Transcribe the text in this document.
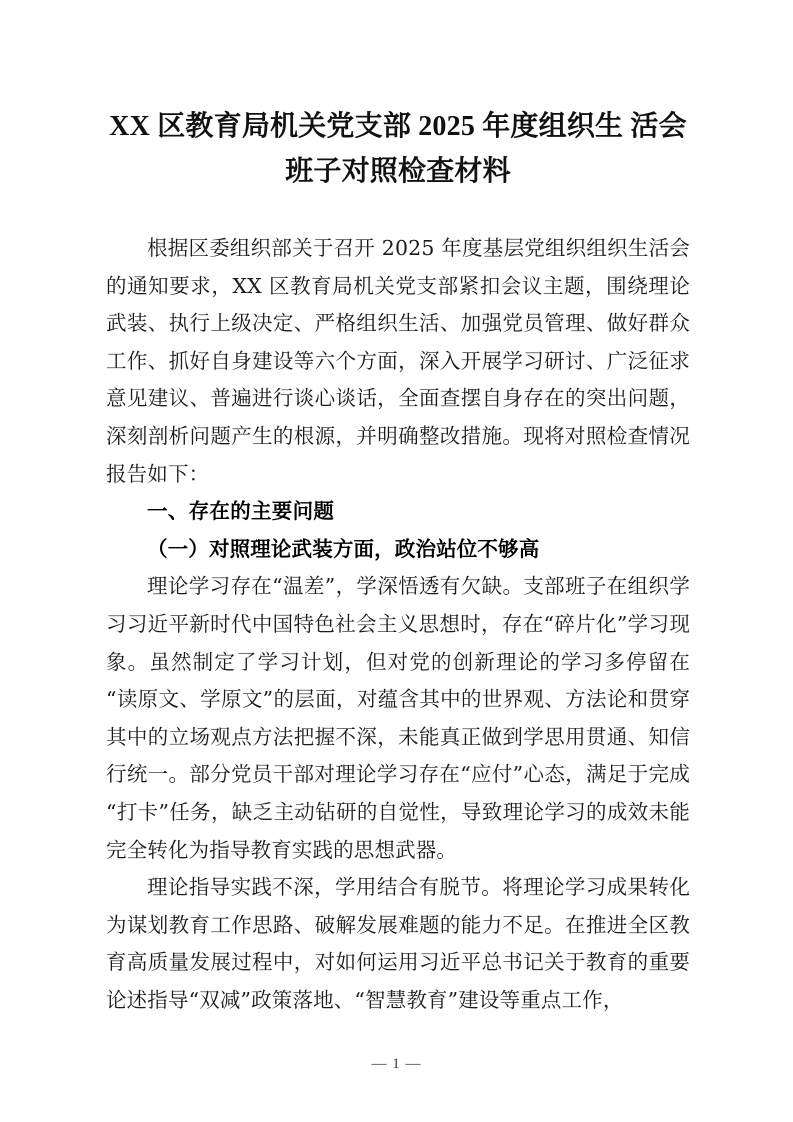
XX 区教育局机关党支部 2025 年度组织生 活会班子对照检查材料

根据区委组织部关于召开 2025 年度基层党组织组织生活会的通知要求，XX 区教育局机关党支部紧扣会议主题，围绕理论武装、执行上级决定、严格组织生活、加强党员管理、做好群众工作、抓好自身建设等六个方面，深入开展学习研讨、广泛征求意见建议、普遍进行谈心谈话，全面查摆自身存在的突出问题，深刻剖析问题产生的根源，并明确整改措施。现将对照检查情况报告如下：

一、存在的主要问题
（一）对照理论武装方面，政治站位不够高

理论学习存在“温差”，学深悟透有欠缺。支部班子在组织学习习近平新时代中国特色社会主义思想时，存在“碎片化”学习现象。虽然制定了学习计划，但对党的创新理论的学习多停留在“读原文、学原文”的层面，对蕴含其中的世界观、方法论和贯穿其中的立场观点方法把握不深，未能真正做到学思用贯通、知信行统一。部分党员干部对理论学习存在“应付”心态，满足于完成“打卡”任务，缺乏主动钻研的自觉性，导致理论学习的成效未能完全转化为指导教育实践的思想武器。

理论指导实践不深，学用结合有脱节。将理论学习成果转化为谋划教育工作思路、破解发展难题的能力不足。在推进全区教育高质量发展过程中，对如何运用习近平总书记关于教育的重要论述指导“双减”政策落地、“智慧教育”建设等重点工作，

— 1 —
